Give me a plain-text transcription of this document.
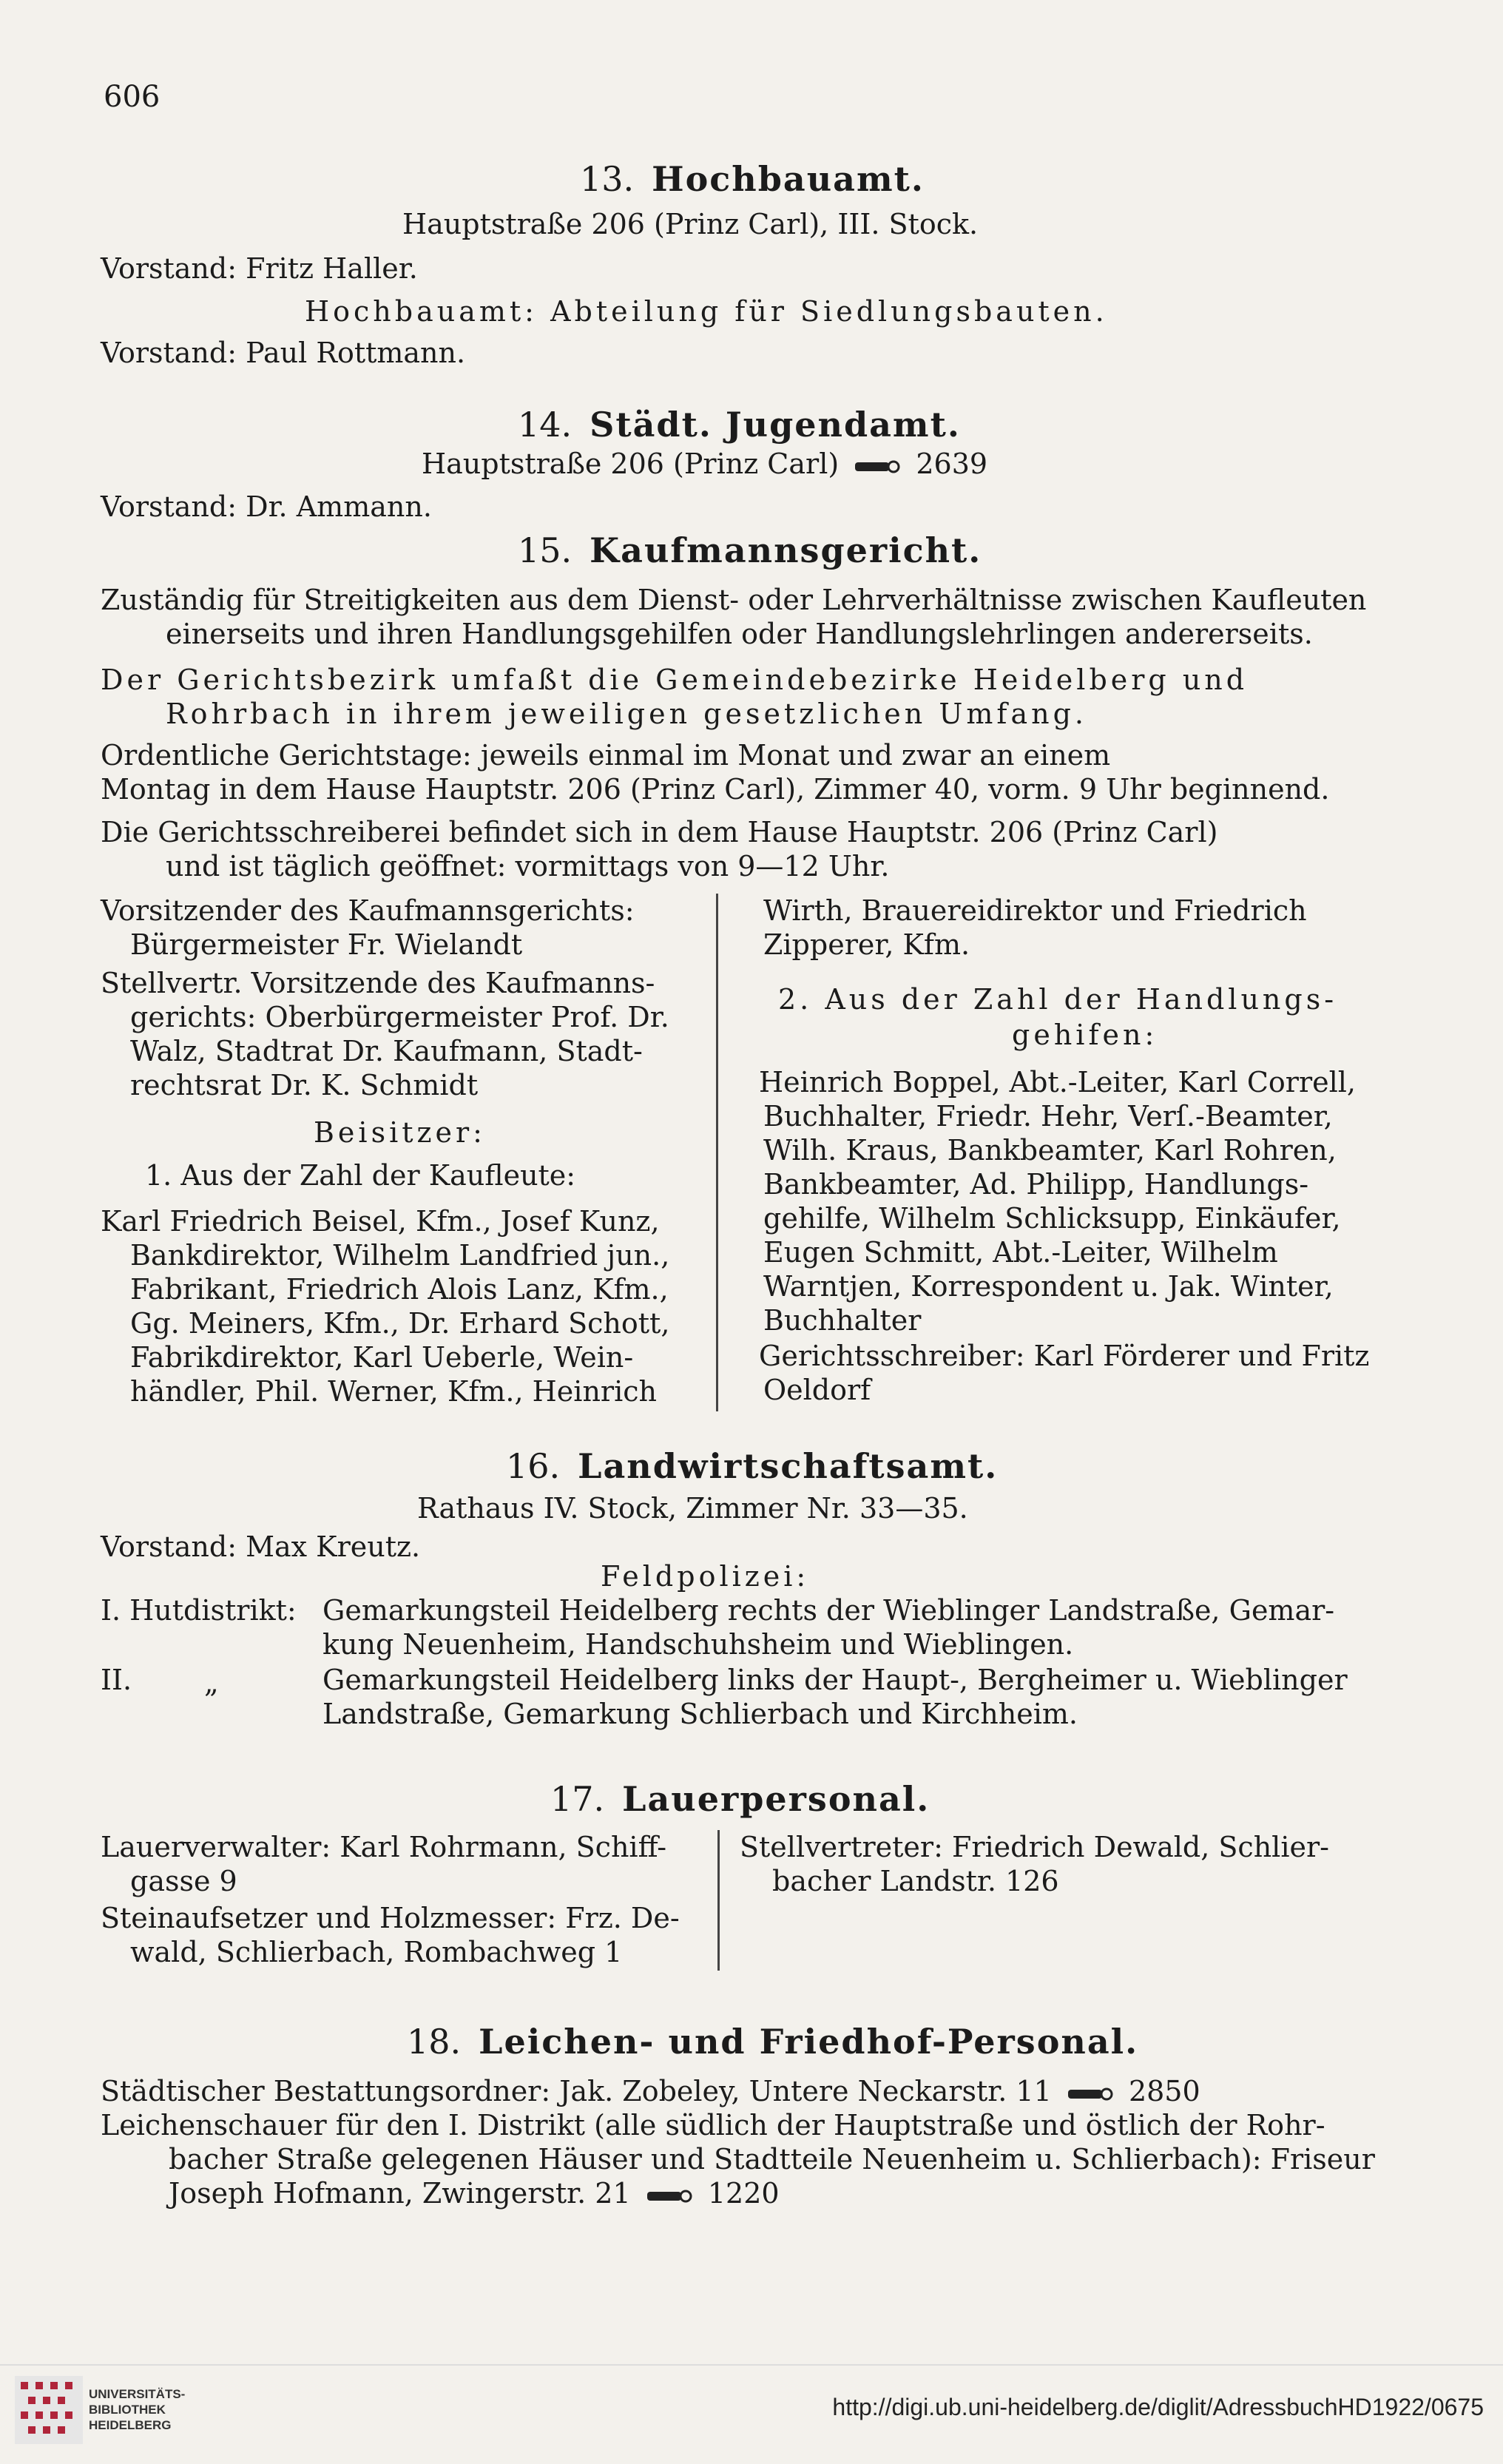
606
13. Hochbauamt.
Hauptstraße 206 (Prinz Carl), III. Stock.
Vorstand: Fritz Haller.
Hochbauamt: Abteilung für Siedlungsbauten.
Vorstand: Paul Rottmann.
14. Städt. Jugendamt.
Hauptstraße 206 (Prinz Carl)	2639
Vorstand: Dr. Ammann.
15. Kaufmannsgericht.
Zuständig für Streitigkeiten aus dem Dienst- oder Lehrverhältnisse zwischen Kaufleuten
einerseits und ihren Handlungsgehilfen oder Handlungslehrlingen andererseits.
Der Gerichtsbezirk umfaßt die Gemeindebezirke Heidelberg und
Rohrbach in ihrem jeweiligen gesetzlichen Umfang.
Ordentliche Gerichtstage: jeweils einmal im Monat und zwar an einem
Montag in dem Hause Hauptstr. 206 (Prinz Carl), Zimmer 40, vorm. 9 Uhr beginnend.
Die Gerichtsschreiberei befindet sich in dem Hause Hauptstr. 206 (Prinz Carl)
und ist täglich geöffnet: vormittags von 9—12 Uhr.
Vorsitzender des Kaufmannsgerichts:
Bürgermeister Fr. Wielandt
Stellvertr. Vorsitzende des Kaufmanns-
gerichts: Oberbürgermeister Prof. Dr.
Walz, Stadtrat Dr. Kaufmann, Stadt-
rechtsrat Dr. K. Schmidt
Beisitzer:
1. Aus der Zahl der Kaufleute:
Karl Friedrich Beisel, Kfm., Josef Kunz,
Bankdirektor, Wilhelm Landfried jun.,
Fabrikant, Friedrich Alois Lanz, Kfm.,
Gg. Meiners, Kfm., Dr. Erhard Schott,
Fabrikdirektor, Karl Ueberle, Wein-
händler, Phil. Werner, Kfm., Heinrich
Wirth, Brauereidirektor und Friedrich
Zipperer, Kfm.
2. Aus der Zahl der Handlungs-
gehifen:
Heinrich Boppel, Abt.-Leiter, Karl Correll,
Buchhalter, Friedr. Hehr, Verſ.-Beamter,
Wilh. Kraus, Bankbeamter, Karl Rohren,
Bankbeamter, Ad. Philipp, Handlungs-
gehilfe, Wilhelm Schlicksupp, Einkäufer,
Eugen Schmitt, Abt.-Leiter, Wilhelm
Warntjen, Korrespondent u. Jak. Winter,
Buchhalter
Gerichtsschreiber: Karl Förderer und Fritz
Oeldorf
16. Landwirtschaftsamt.
Rathaus IV. Stock, Zimmer Nr. 33—35.
Vorstand: Max Kreutz.
Feldpolizei:
I. Hutdistrikt: Gemarkungsteil Heidelberg rechts der Wieblinger Landstraße, Gemar-
kung Neuenheim, Handschuhsheim und Wieblingen.
II.	„	Gemarkungsteil Heidelberg links der Haupt-, Bergheimer u. Wieblinger
Landstraße, Gemarkung Schlierbach und Kirchheim.
17. Lauerpersonal.
Lauerverwalter: Karl Rohrmann, Schiff-
gasse 9
Steinaufsetzer und Holzmesser: Frz. De-
wald, Schlierbach, Rombachweg 1
Stellvertreter: Friedrich Dewald, Schlier-
bacher Landstr. 126
18. Leichen- und Friedhof-Personal.
Städtischer Bestattungsordner: Jak. Zobeley, Untere Neckarstr. 11	2850
Leichenschauer für den I. Distrikt (alle südlich der Hauptstraße und östlich der Rohr-
bacher Straße gelegenen Häuser und Stadtteile Neuenheim u. Schlierbach): Friseur
Joseph Hofmann, Zwingerstr. 21	1220
UNIVERSITÄTS-
BIBLIOTHEK
HEIDELBERG
http://digi.ub.uni-heidelberg.de/diglit/AdressbuchHD1922/0675
